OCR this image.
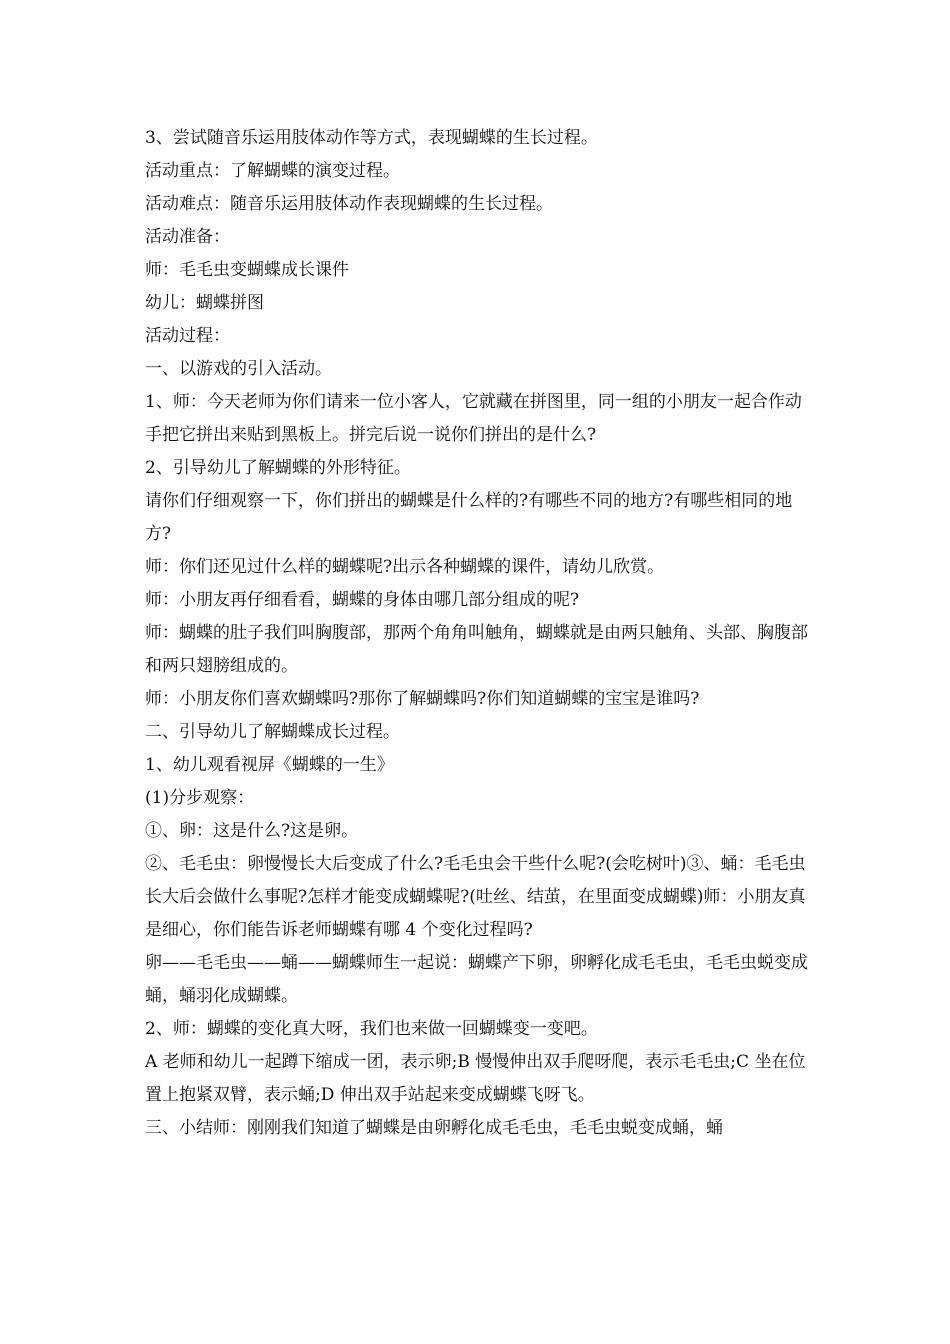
3、尝试随音乐运用肢体动作等方式，表现蝴蝶的生长过程。

活动重点：了解蝴蝶的演变过程。

活动难点：随音乐运用肢体动作表现蝴蝶的生长过程。

活动准备：

师：毛毛虫变蝴蝶成长课件

幼儿：蝴蝶拼图

活动过程：

一、以游戏的引入活动。

1、师：今天老师为你们请来一位小客人，它就藏在拼图里，同一组的小朋友一起合作动手把它拼出来贴到黑板上。拼完后说一说你们拼出的是什么?

2、引导幼儿了解蝴蝶的外形特征。

请你们仔细观察一下，你们拼出的蝴蝶是什么样的?有哪些不同的地方?有哪些相同的地方?

师：你们还见过什么样的蝴蝶呢?出示各种蝴蝶的课件，请幼儿欣赏。

师：小朋友再仔细看看，蝴蝶的身体由哪几部分组成的呢?

师：蝴蝶的肚子我们叫胸腹部，那两个角角叫触角，蝴蝶就是由两只触角、头部、胸腹部和两只翅膀组成的。

师：小朋友你们喜欢蝴蝶吗?那你了解蝴蝶吗?你们知道蝴蝶的宝宝是谁吗?

二、引导幼儿了解蝴蝶成长过程。

1、幼儿观看视屏《蝴蝶的一生》

(1)分步观察：

①、卵：这是什么?这是卵。

②、毛毛虫：卵慢慢长大后变成了什么?毛毛虫会干些什么呢?(会吃树叶)③、蛹：毛毛虫长大后会做什么事呢?怎样才能变成蝴蝶呢?(吐丝、结茧，在里面变成蝴蝶)师：小朋友真是细心，你们能告诉老师蝴蝶有哪 4 个变化过程吗?

卵——毛毛虫——蛹——蝴蝶师生一起说：蝴蝶产下卵，卵孵化成毛毛虫，毛毛虫蜕变成蛹，蛹羽化成蝴蝶。

2、师：蝴蝶的变化真大呀，我们也来做一回蝴蝶变一变吧。

A 老师和幼儿一起蹲下缩成一团，表示卵;B 慢慢伸出双手爬呀爬，表示毛毛虫;C 坐在位置上抱紧双臂，表示蛹;D 伸出双手站起来变成蝴蝶飞呀飞。

三、小结师：刚刚我们知道了蝴蝶是由卵孵化成毛毛虫，毛毛虫蜕变成蛹，蛹
